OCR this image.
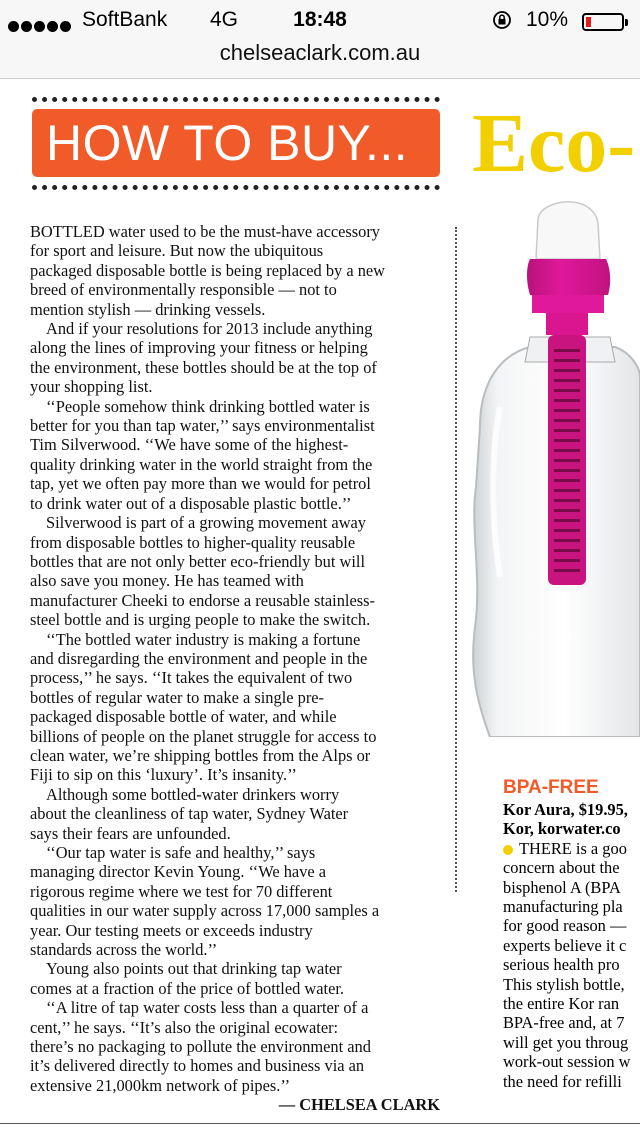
SoftBank 4G	18:48	10%
chelseaclark.com.au
HOW TO BUY... Eco-

BOTTLED water used to be the must-have accessory
for sport and leisure. But now the ubiquitous
packaged disposable bottle is being replaced by a new
breed of environmentally responsible — not to
mention stylish — drinking vessels.

And if your resolutions for 2013 include anything
along the lines of improving your fitness or helping
the environment, these bottles should be at the top of
your shopping list.

‘‘People somehow think drinking bottled water is
better for you than tap water,’’ says environmentalist
Tim Silverwood. ‘‘We have some of the highest-
quality drinking water in the world straight from the
tap, yet we often pay more than we would for petrol
to drink water out of a disposable plastic bottle.’’

Silverwood is part of a growing movement away
from disposable bottles to higher-quality reusable
bottles that are not only better eco-friendly but will
also save you money. He has teamed with
manufacturer Cheeki to endorse a reusable stainless-
steel bottle and is urging people to make the switch.

‘‘The bottled water industry is making a fortune
and disregarding the environment and people in the
process,’’ he says. ‘‘It takes the equivalent of two
bottles of regular water to make a single pre-
packaged disposable bottle of water, and while
billions of people on the planet struggle for access to
clean water, we’re shipping bottles from the Alps or
Fiji to sip on this ‘luxury’. It’s insanity.’’

Although some bottled-water drinkers worry
about the cleanliness of tap water, Sydney Water
says their fears are unfounded.

‘‘Our tap water is safe and healthy,’’ says
managing director Kevin Young. ‘‘We have a
rigorous regime where we test for 70 different
qualities in our water supply across 17,000 samples a
year. Our testing meets or exceeds industry
standards across the world.’’

Young also points out that drinking tap water
comes at a fraction of the price of bottled water.

‘‘A litre of tap water costs less than a quarter of a
cent,’’ he says. ‘‘It’s also the original ecowater:
there’s no packaging to pollute the environment and
it’s delivered directly to homes and business via an
extensive 21,000km network of pipes.’’

— CHELSEA CLARK

BPA-FREE

Kor Aura, $19.95,

Kor, korwater.co

THERE is a goo

concern about the

bisphenol A (BPA

manufacturing pla

for good reason —

experts believe it c

serious health pro

This stylish bottle,

the entire Kor ran

BPA-free and, at 7

will get you throug

work-out session w

the need for refilli
